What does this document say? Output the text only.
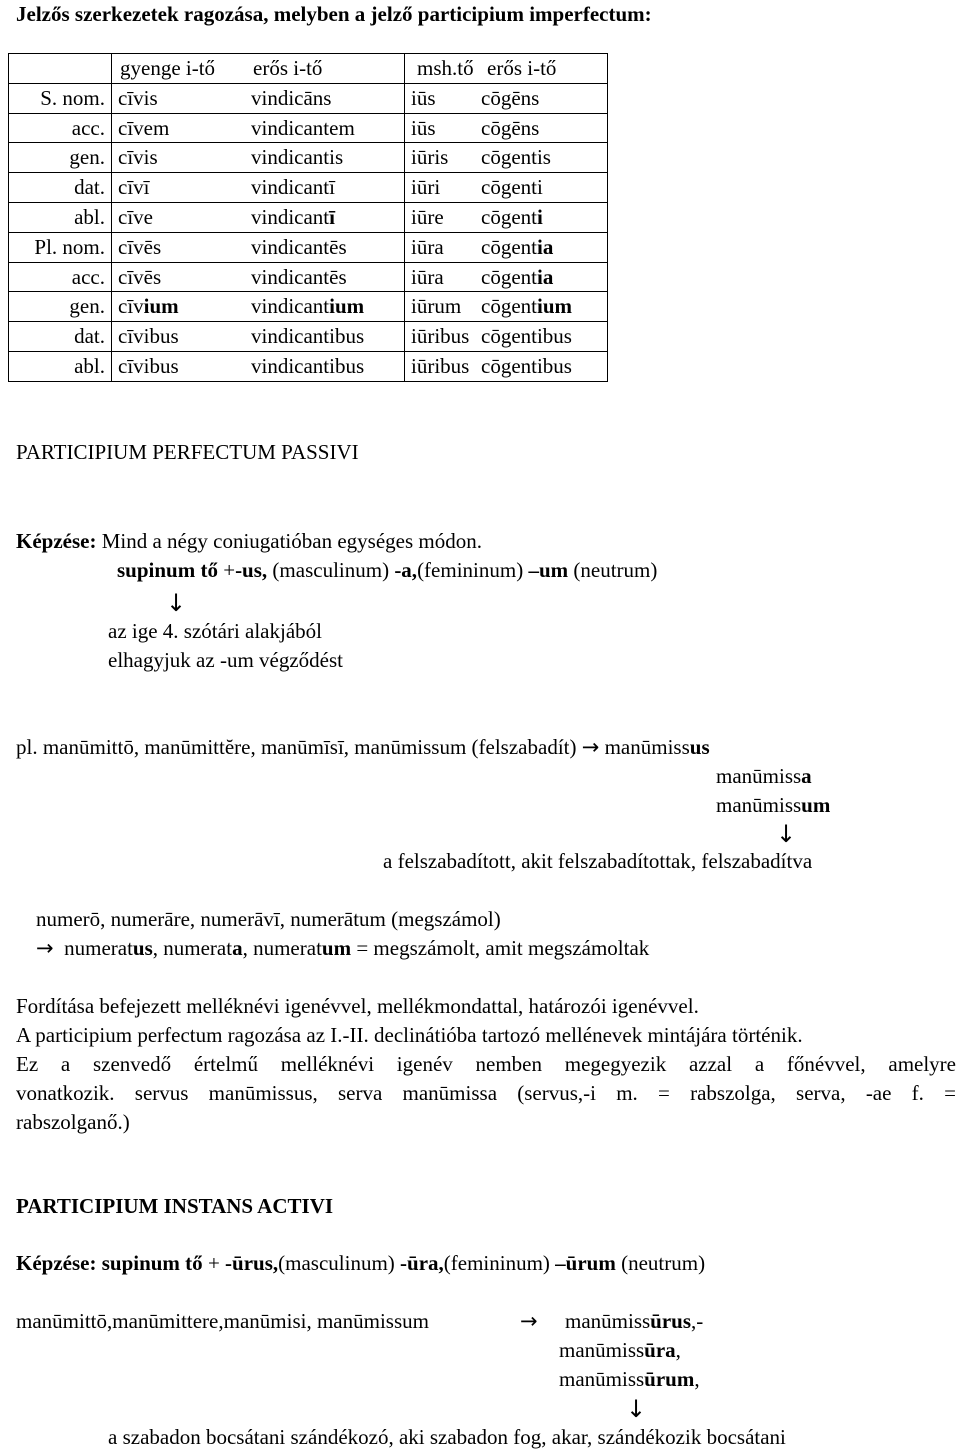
Jelzős szerkezetek ragozása, melyben a jelző participium imperfectum:
	gyenge i-tő erős i-tő	msh.tő erős i-tő
S. nom.	cīvis vindicāns	iūs cōgēns
acc.	cīvem vindicantem	iūs cōgēns
gen.	cīvis vindicantis	iūris cōgentis
dat.	cīvī vindicantī	iūri cōgenti
abl.	cīve vindicantī	iūre cōgenti
Pl. nom.	cīvēs vindicantēs	iūra cōgentia
acc.	cīvēs vindicantēs	iūra cōgentia
gen.	cīvium vindicantium	iūrum cōgentium
dat.	cīvibus vindicantibus	iūribus cōgentibus
abl.	cīvibus vindicantibus	iūribus cōgentibus
PARTICIPIUM PERFECTUM PASSIVI
Képzése: Mind a négy coniugatióban egységes módon.
supinum tő +-us, (masculinum) -a,(femininum) –um (neutrum)
↓
az ige 4. szótári alakjából
elhagyjuk az -um végződést
pl. manūmittō, manūmittĕre, manūmīsī, manūmissum (felszabadít) → manūmissus
manūmissa
manūmissum
↓
a felszabadított, akit felszabadítottak, felszabadítva
numerō, numerāre, numerāvī, numerātum (megszámol)
→ numeratus, numerata, numeratum = megszámolt, amit megszámoltak
Fordítása befejezett melléknévi igenévvel, mellékmondattal, határozói igenévvel.
A participium perfectum ragozása az I.-II. declinátióba tartozó mellénevek mintájára történik.
Ez a szenvedő értelmű melléknévi igenév nemben megegyezik azzal a főnévvel, amelyre
vonatkozik. servus manūmissus, serva manūmissa (servus,-i m. = rabszolga, serva, -ae f. =
rabszolganő.)
PARTICIPIUM INSTANS ACTIVI
Képzése: supinum tő + -ūrus,(masculinum) -ūra,(femininum) –ūrum (neutrum)
manūmittō,manūmittere,manūmisi, manūmissum	→ manūmissūrus,-
manūmissūra,
manūmissūrum,
↓
a szabadon bocsátani szándékozó, aki szabadon fog, akar, szándékozik bocsátani
